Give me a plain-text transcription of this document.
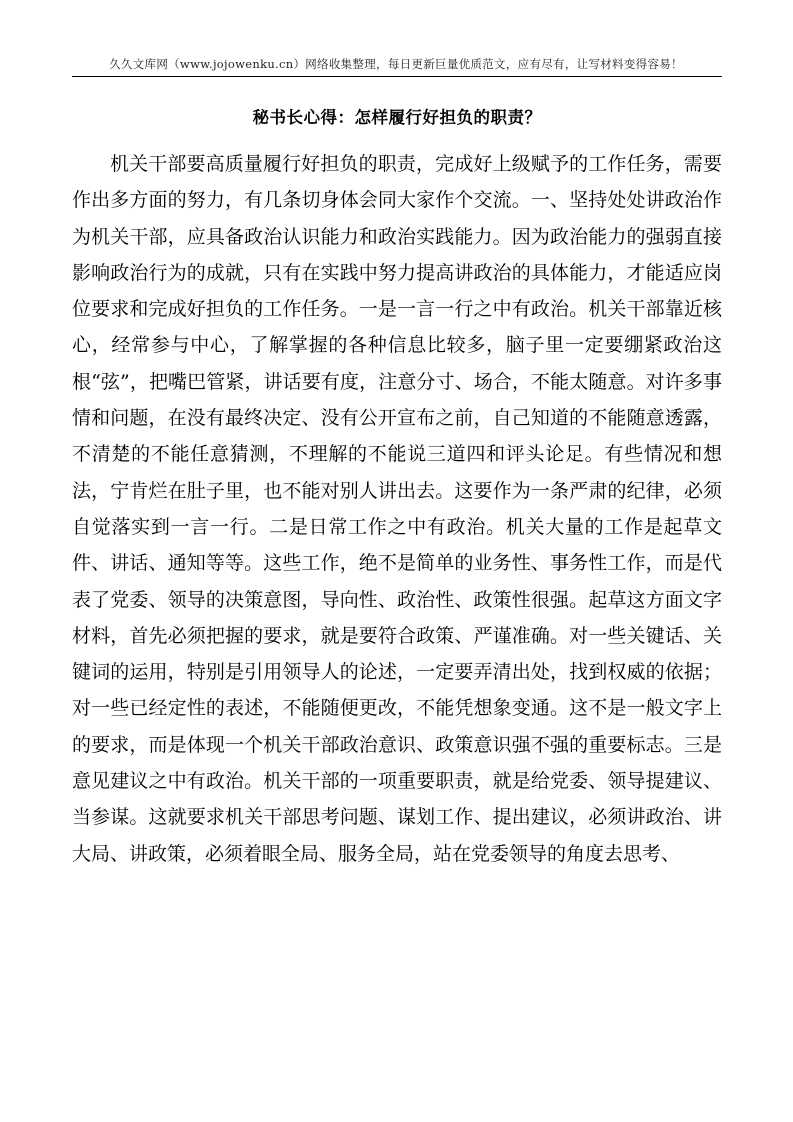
久久文库网（www.jojowenku.cn）网络收集整理，每日更新巨量优质范文，应有尽有，让写材料变得容易！
秘书长心得：怎样履行好担负的职责？

机关干部要高质量履行好担负的职责，完成好上级赋予的工作任务，需要作出多方面的努力，有几条切身体会同大家作个交流。一、坚持处处讲政治作为机关干部，应具备政治认识能力和政治实践能力。因为政治能力的强弱直接影响政治行为的成就，只有在实践中努力提高讲政治的具体能力，才能适应岗位要求和完成好担负的工作任务。一是一言一行之中有政治。机关干部靠近核心，经常参与中心，了解掌握的各种信息比较多，脑子里一定要绷紧政治这根“弦”，把嘴巴管紧，讲话要有度，注意分寸、场合，不能太随意。对许多事情和问题，在没有最终决定、没有公开宣布之前，自己知道的不能随意透露，不清楚的不能任意猜测，不理解的不能说三道四和评头论足。有些情况和想法，宁肯烂在肚子里，也不能对别人讲出去。这要作为一条严肃的纪律，必须自觉落实到一言一行。二是日常工作之中有政治。机关大量的工作是起草文件、讲话、通知等等。这些工作，绝不是简单的业务性、事务性工作，而是代表了党委、领导的决策意图，导向性、政治性、政策性很强。起草这方面文字材料，首先必须把握的要求，就是要符合政策、严谨准确。对一些关键话、关键词的运用，特别是引用领导人的论述，一定要弄清出处，找到权威的依据；对一些已经定性的表述，不能随便更改，不能凭想象变通。这不是一般文字上的要求，而是体现一个机关干部政治意识、政策意识强不强的重要标志。三是意见建议之中有政治。机关干部的一项重要职责，就是给党委、领导提建议、当参谋。这就要求机关干部思考问题、谋划工作、提出建议，必须讲政治、讲大局、讲政策，必须着眼全局、服务全局，站在党委领导的角度去思考、
